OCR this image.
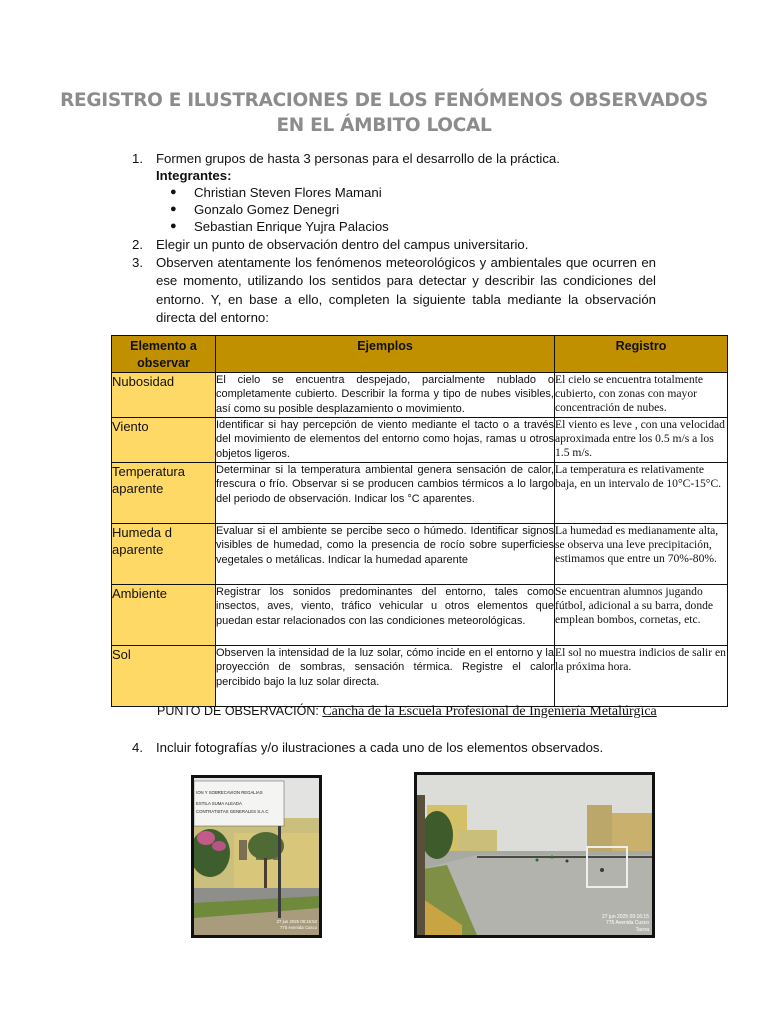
REGISTRO E ILUSTRACIONES DE LOS FENÓMENOS OBSERVADOS
EN EL ÁMBITO LOCAL
1. Formen grupos de hasta 3 personas para el desarrollo de la práctica.
Integrantes:
● Christian Steven Flores Mamani
● Gonzalo Gomez Denegri
● Sebastian Enrique Yujra Palacios
2. Elegir un punto de observación dentro del campus universitario.
3. Observen atentamente los fenómenos meteorológicos y ambientales que ocurren en ese momento, utilizando los sentidos para detectar y describir las condiciones del entorno. Y, en base a ello, completen la siguiente tabla mediante la observación directa del entorno:
4. Incluir fotografías y/o ilustraciones a cada uno de los elementos observados.
Elemento a observar	Ejemplos	Registro
Nubosidad	El cielo se encuentra despejado, parcialmente nublado o completamente cubierto. Describir la forma y tipo de nubes visibles, así como su posible desplazamiento o movimiento.	El cielo se encuentra totalmente cubierto, con zonas con mayor concentración de nubes.
Viento	Identificar si hay percepción de viento mediante el tacto o a través del movimiento de elementos del entorno como hojas, ramas u otros objetos ligeros.	El viento es leve , con una velocidad aproximada entre los 0.5 m/s a los 1.5 m/s.
Temperatura aparente	Determinar si la temperatura ambiental genera sensación de calor, frescura o frío. Observar si se producen cambios térmicos a lo largo del periodo de observación. Indicar los °C aparentes.	La temperatura es relativamente baja, en un intervalo de 10°C-15°C.
Humeda d aparente	Evaluar si el ambiente se percibe seco o húmedo. Identificar signos visibles de humedad, como la presencia de rocío sobre superficies vegetales o metálicas. Indicar la humedad aparente	La humedad es medianamente alta, se observa una leve precipitación, estimamos que entre un 70%-80%.
Ambiente	Registrar los sonidos predominantes del entorno, tales como insectos, aves, viento, tráfico vehicular u otros elementos que puedan estar relacionados con las condiciones meteorológicas.	Se encuentran alumnos jugando fútbol, adicional a su barra, donde emplean bombos, cornetas, etc.
Sol	Observen la intensidad de la luz solar, cómo incide en el entorno y la proyección de sombras, sensación térmica. Registre el calor percibido bajo la luz solar directa.	El sol no muestra indicios de salir en la próxima hora.
PUNTO DE OBSERVACIÓN: Cancha de la Escuela Profesional de Ingeniería Metalúrgica
ION Y SOBRECAVION REGALIAS
ESTILA SUMA ALEADA
CONTRATISTAS GENERALES S.A.C
27 jun 2025 09:15:52
775 Avenida Cusco
27 jun 2025 09:16:15
775 Avenida Cusco
Tacna
